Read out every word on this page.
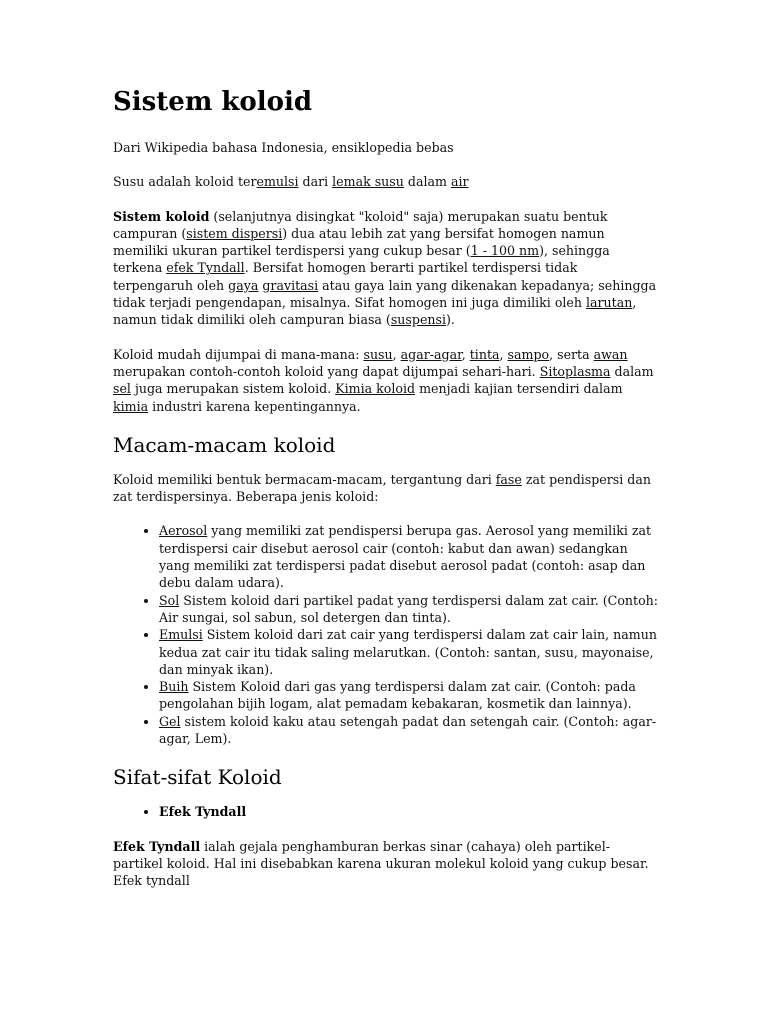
Sistem koloid

Dari Wikipedia bahasa Indonesia, ensiklopedia bebas

Susu adalah koloid teremulsi dari lemak susu dalam air

Sistem koloid (selanjutnya disingkat "koloid" saja) merupakan suatu bentuk campuran (sistem dispersi) dua atau lebih zat yang bersifat homogen namun memiliki ukuran partikel terdispersi yang cukup besar (1 - 100 nm), sehingga terkena efek Tyndall. Bersifat homogen berarti partikel terdispersi tidak terpengaruh oleh gaya gravitasi atau gaya lain yang dikenakan kepadanya; sehingga tidak terjadi pengendapan, misalnya. Sifat homogen ini juga dimiliki oleh larutan, namun tidak dimiliki oleh campuran biasa (suspensi).

Koloid mudah dijumpai di mana-mana: susu, agar-agar, tinta, sampo, serta awan merupakan contoh-contoh koloid yang dapat dijumpai sehari-hari. Sitoplasma dalam sel juga merupakan sistem koloid. Kimia koloid menjadi kajian tersendiri dalam kimia industri karena kepentingannya.

Macam-macam koloid

Koloid memiliki bentuk bermacam-macam, tergantung dari fase zat pendispersi dan zat terdispersinya. Beberapa jenis koloid:

• Aerosol yang memiliki zat pendispersi berupa gas. Aerosol yang memiliki zat terdispersi cair disebut aerosol cair (contoh: kabut dan awan) sedangkan yang memiliki zat terdispersi padat disebut aerosol padat (contoh: asap dan debu dalam udara).
• Sol Sistem koloid dari partikel padat yang terdispersi dalam zat cair. (Contoh: Air sungai, sol sabun, sol detergen dan tinta).
• Emulsi Sistem koloid dari zat cair yang terdispersi dalam zat cair lain, namun kedua zat cair itu tidak saling melarutkan. (Contoh: santan, susu, mayonaise, dan minyak ikan).
• Buih Sistem Koloid dari gas yang terdispersi dalam zat cair. (Contoh: pada pengolahan bijih logam, alat pemadam kebakaran, kosmetik dan lainnya).
• Gel sistem koloid kaku atau setengah padat dan setengah cair. (Contoh: agar-agar, Lem).
Sifat-sifat Koloid
• Efek Tyndall

Efek Tyndall ialah gejala penghamburan berkas sinar (cahaya) oleh partikel-partikel koloid. Hal ini disebabkan karena ukuran molekul koloid yang cukup besar. Efek tyndall
